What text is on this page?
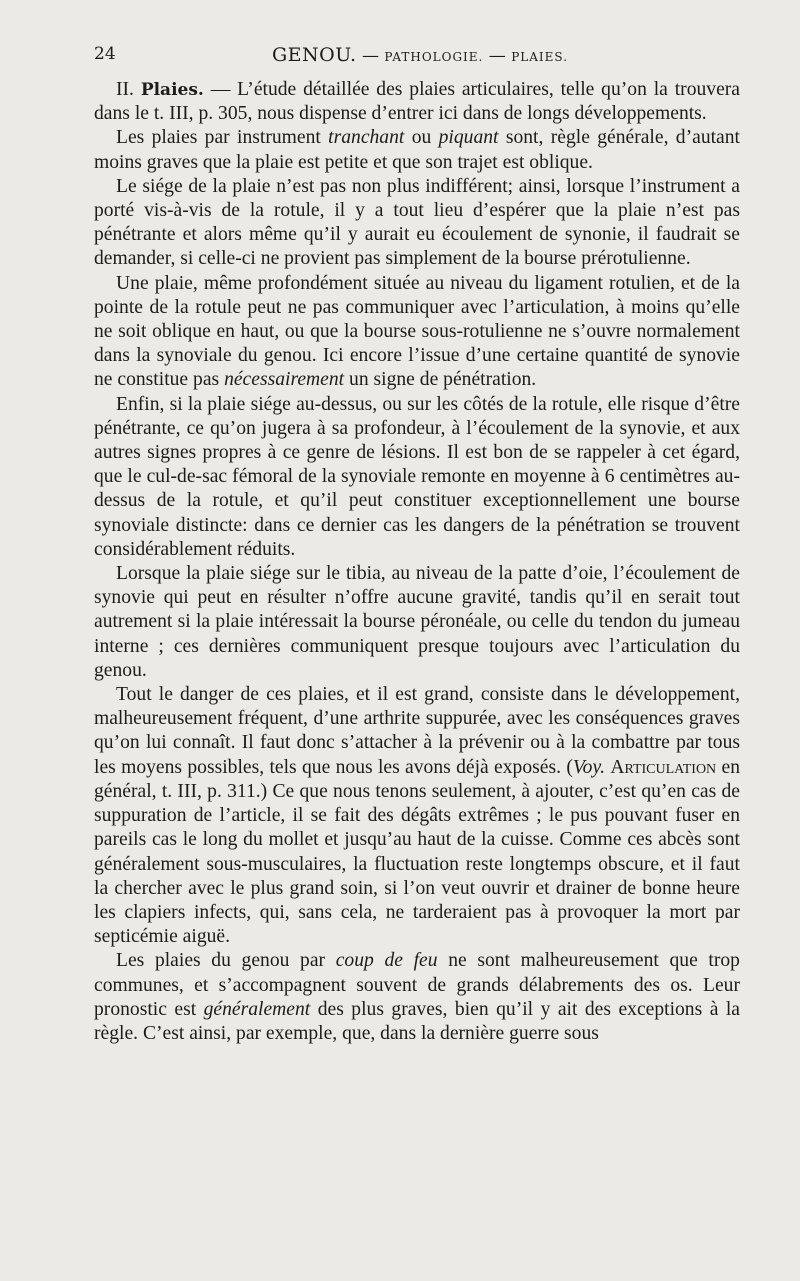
24	GENOU. — PATHOLOGIE. — PLAIES.

II. Plaies. — L’étude détaillée des plaies articulaires, telle qu’on la trouvera dans le t. III, p. 305, nous dispense d’entrer ici dans de longs développements.

Les plaies par instrument tranchant ou piquant sont, règle générale, d’autant moins graves que la plaie est petite et que son trajet est oblique.

Le siége de la plaie n’est pas non plus indifférent; ainsi, lorsque l’instrument a porté vis-à-vis de la rotule, il y a tout lieu d’espérer que la plaie n’est pas pénétrante et alors même qu’il y aurait eu écoulement de synonie, il faudrait se demander, si celle-ci ne provient pas simplement de la bourse prérotulienne.

Une plaie, même profondément située au niveau du ligament rotulien, et de la pointe de la rotule peut ne pas communiquer avec l’articulation, à moins qu’elle ne soit oblique en haut, ou que la bourse sous-rotulienne ne s’ouvre normalement dans la synoviale du genou. Ici encore l’issue d’une certaine quantité de synovie ne constitue pas nécessairement un signe de pénétration.

Enfin, si la plaie siége au-dessus, ou sur les côtés de la rotule, elle risque d’être pénétrante, ce qu’on jugera à sa profondeur, à l’écoulement de la synovie, et aux autres signes propres à ce genre de lésions. Il est bon de se rappeler à cet égard, que le cul-de-sac fémoral de la synoviale remonte en moyenne à 6 centimètres au-dessus de la rotule, et qu’il peut constituer exceptionnellement une bourse synoviale distincte: dans ce dernier cas les dangers de la pénétration se trouvent considérablement réduits.

Lorsque la plaie siége sur le tibia, au niveau de la patte d’oie, l’écoulement de synovie qui peut en résulter n’offre aucune gravité, tandis qu’il en serait tout autrement si la plaie intéressait la bourse péronéale, ou celle du tendon du jumeau interne ; ces dernières communiquent presque toujours avec l’articulation du genou.

Tout le danger de ces plaies, et il est grand, consiste dans le développement, malheureusement fréquent, d’une arthrite suppurée, avec les conséquences graves qu’on lui connaît. Il faut donc s’attacher à la prévenir ou à la combattre par tous les moyens possibles, tels que nous les avons déjà exposés. (Voy. Articulation en général, t. III, p. 311.) Ce que nous tenons seulement, à ajouter, c’est qu’en cas de suppuration de l’article, il se fait des dégâts extrêmes ; le pus pouvant fuser en pareils cas le long du mollet et jusqu’au haut de la cuisse. Comme ces abcès sont généralement sous-musculaires, la fluctuation reste longtemps obscure, et il faut la chercher avec le plus grand soin, si l’on veut ouvrir et drainer de bonne heure les clapiers infects, qui, sans cela, ne tarderaient pas à provoquer la mort par septicémie aiguë.

Les plaies du genou par coup de feu ne sont malheureusement que trop communes, et s’accompagnent souvent de grands délabrements des os. Leur pronostic est généralement des plus graves, bien qu’il y ait des exceptions à la règle. C’est ainsi, par exemple, que, dans la dernière guerre sous
